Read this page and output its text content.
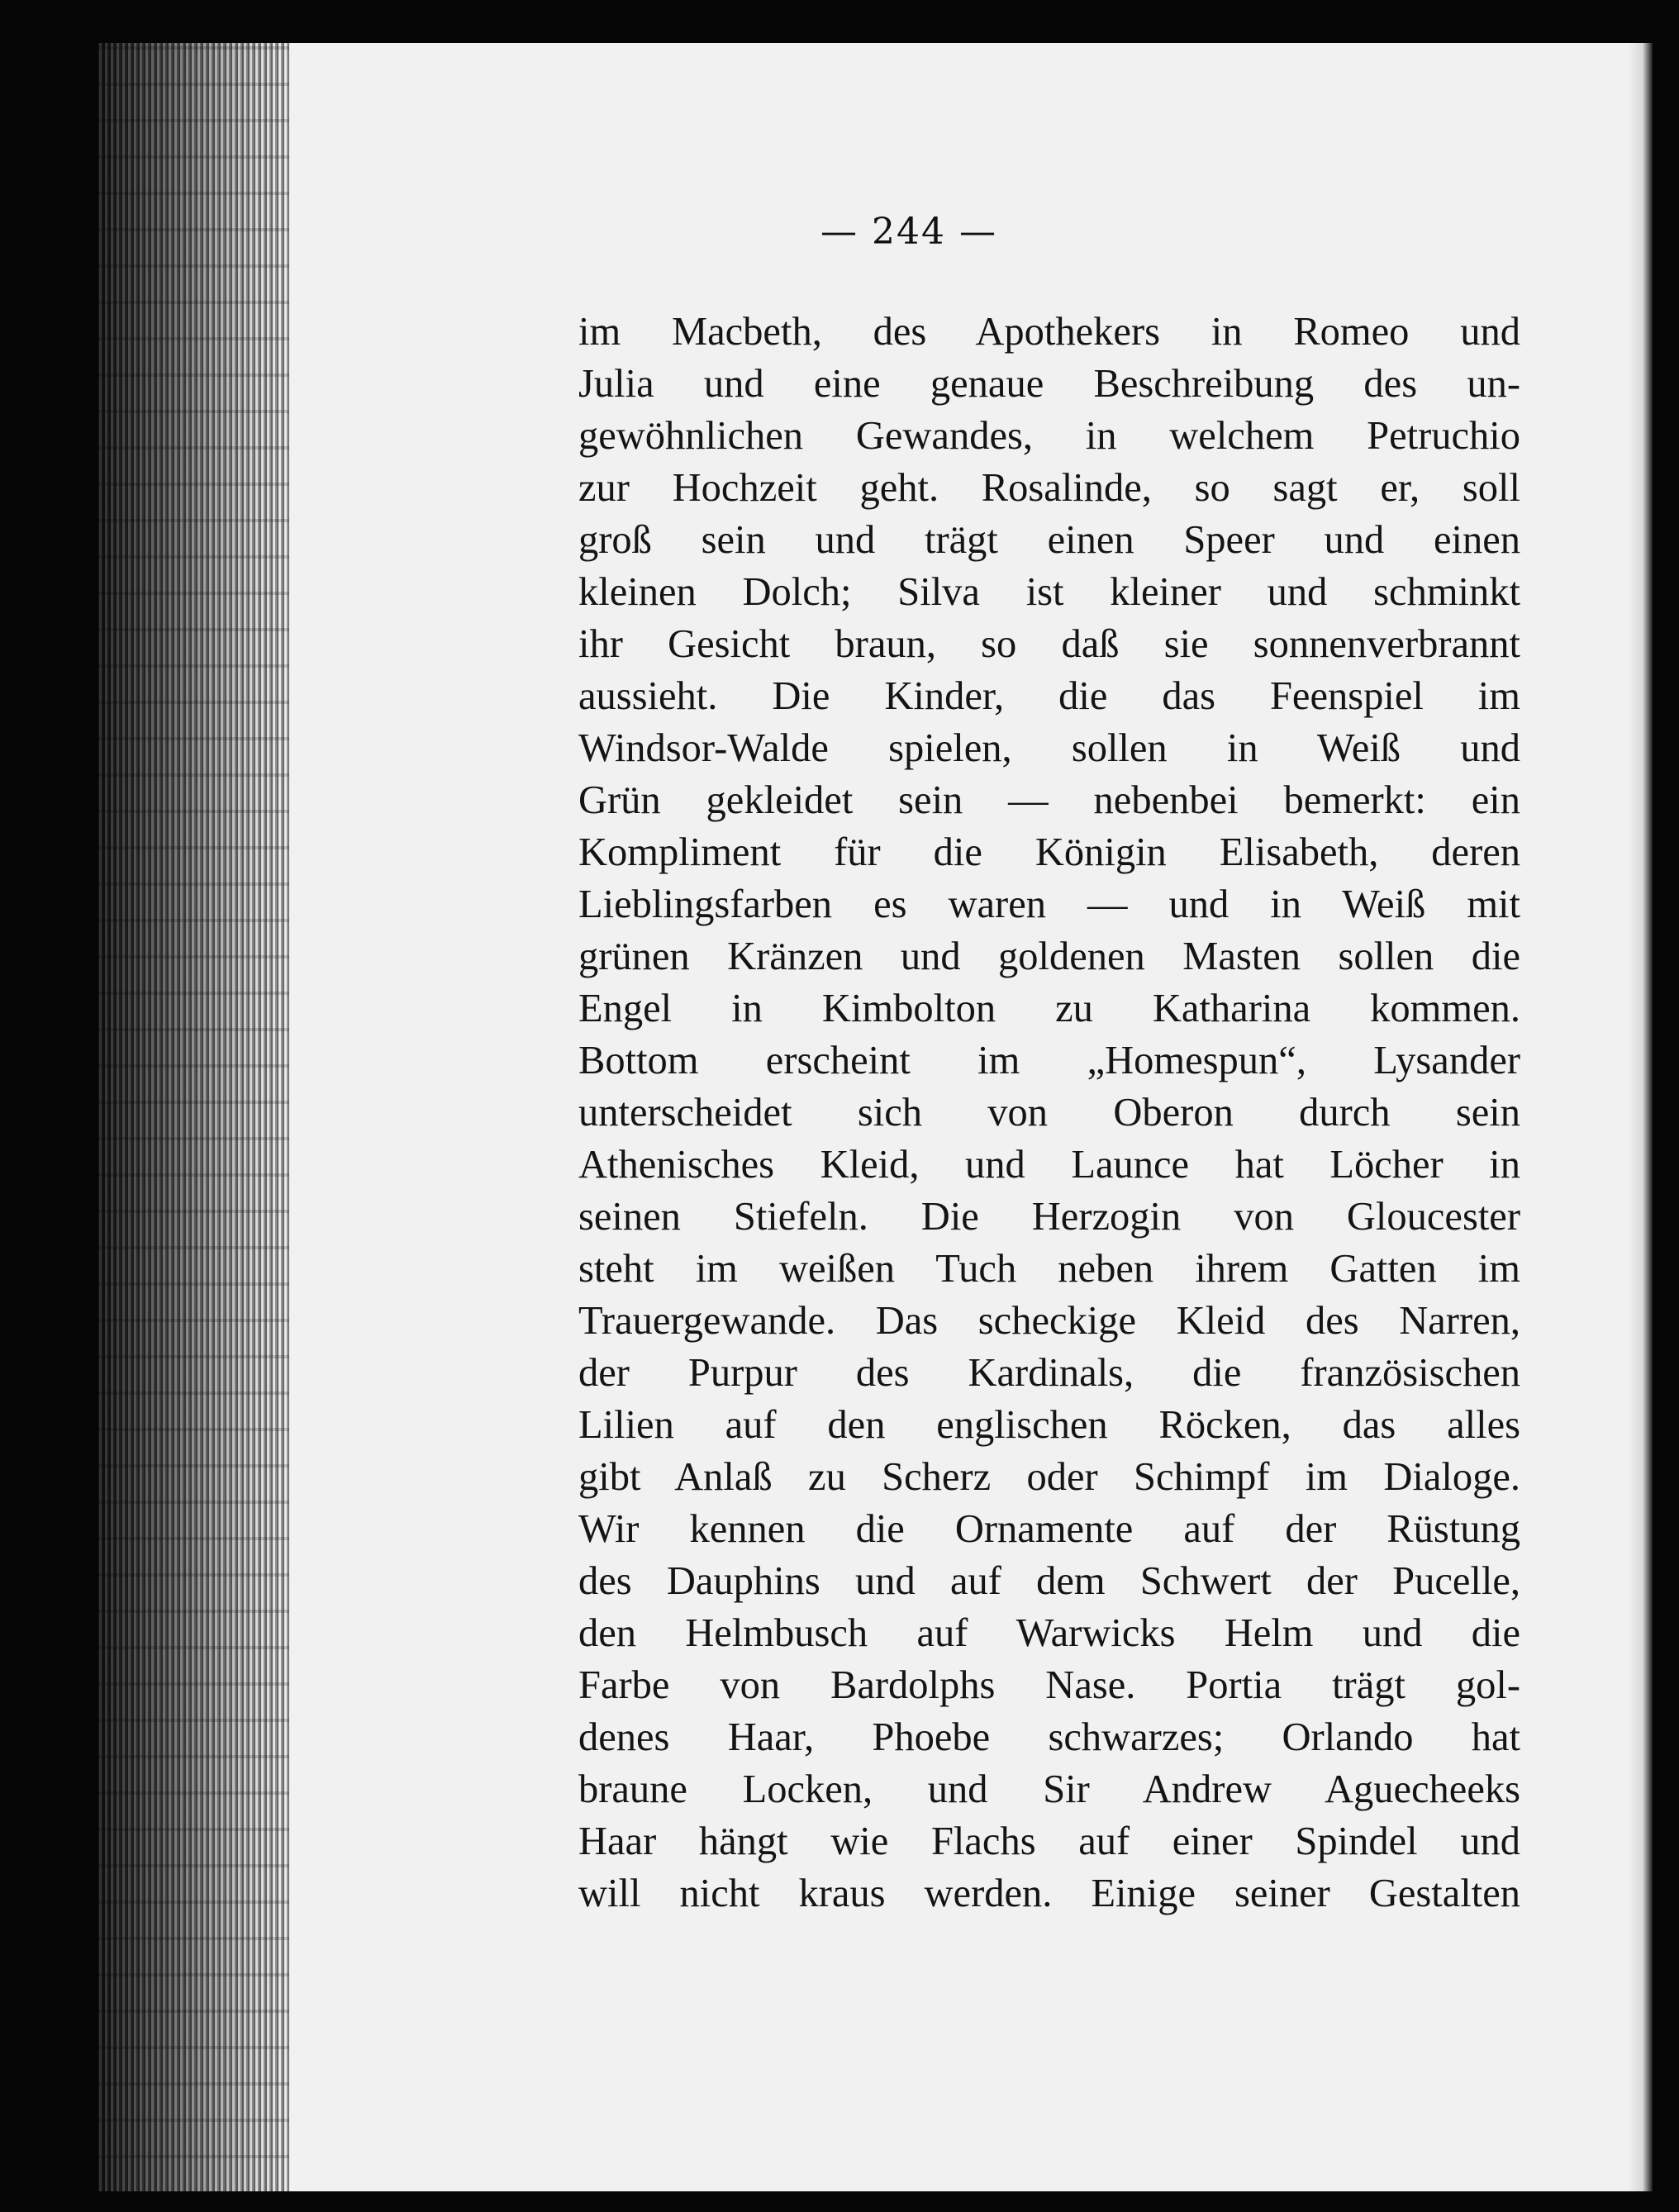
— 244 —
im Macbeth, des Apothekers in Romeo und
Julia und eine genaue Beschreibung des un-
gewöhnlichen Gewandes, in welchem Petruchio
zur Hochzeit geht. Rosalinde, so sagt er, soll
groß sein und trägt einen Speer und einen
kleinen Dolch; Silva ist kleiner und schminkt
ihr Gesicht braun, so daß sie sonnenverbrannt
aussieht. Die Kinder, die das Feenspiel im
Windsor-Walde spielen, sollen in Weiß und
Grün gekleidet sein — nebenbei bemerkt: ein
Kompliment für die Königin Elisabeth, deren
Lieblingsfarben es waren — und in Weiß mit
grünen Kränzen und goldenen Masten sollen die
Engel in Kimbolton zu Katharina kommen.
Bottom erscheint im „Homespun“, Lysander
unterscheidet sich von Oberon durch sein
Athenisches Kleid, und Launce hat Löcher in
seinen Stiefeln. Die Herzogin von Gloucester
steht im weißen Tuch neben ihrem Gatten im
Trauergewande. Das scheckige Kleid des Narren,
der Purpur des Kardinals, die französischen
Lilien auf den englischen Röcken, das alles
gibt Anlaß zu Scherz oder Schimpf im Dialoge.
Wir kennen die Ornamente auf der Rüstung
des Dauphins und auf dem Schwert der Pucelle,
den Helmbusch auf Warwicks Helm und die
Farbe von Bardolphs Nase. Portia trägt gol-
denes Haar, Phoebe schwarzes; Orlando hat
braune Locken, und Sir Andrew Aguecheeks
Haar hängt wie Flachs auf einer Spindel und
will nicht kraus werden. Einige seiner Gestalten
